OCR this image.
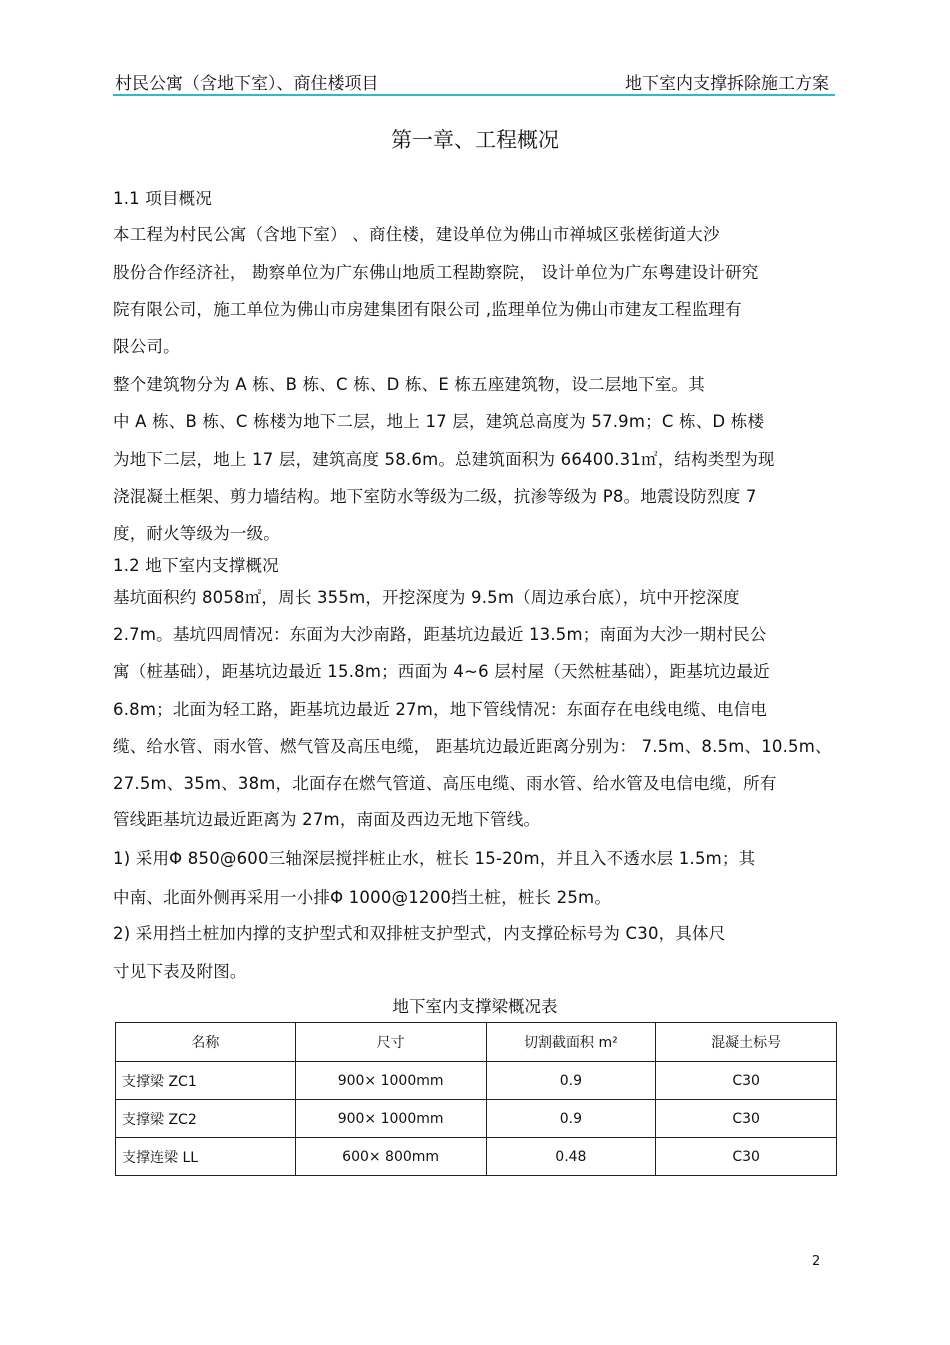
村民公寓（含地下室）、商住楼项目	地下室内支撑拆除施工方案
第一章、工程概况
1.1 项目概况
本工程为村民公寓（含地下室） 、商住楼，建设单位为佛山市禅城区张槎街道大沙
股份合作经济社， 勘察单位为广东佛山地质工程勘察院， 设计单位为广东粤建设计研究
院有限公司，施工单位为佛山市房建集团有限公司 ,监理单位为佛山市建友工程监理有
限公司。
整个建筑物分为 A 栋、B 栋、C 栋、D 栋、E 栋五座建筑物，设二层地下室。其
中 A 栋、B 栋、C 栋楼为地下二层，地上 17 层，建筑总高度为 57.9m；C 栋、D 栋楼
为地下二层，地上 17 层，建筑高度 58.6m。总建筑面积为 66400.31㎡，结构类型为现
浇混凝土框架、剪力墙结构。地下室防水等级为二级，抗渗等级为 P8。地震设防烈度 7
度，耐火等级为一级。
1.2 地下室内支撑概况
基坑面积约 8058㎡，周长 355m，开挖深度为 9.5m（周边承台底），坑中开挖深度
2.7m。基坑四周情况：东面为大沙南路，距基坑边最近 13.5m；南面为大沙一期村民公
寓（桩基础），距基坑边最近 15.8m；西面为 4~6 层村屋（天然桩基础），距基坑边最近
6.8m；北面为轻工路，距基坑边最近 27m，地下管线情况：东面存在电线电缆、电信电
缆、给水管、雨水管、燃气管及高压电缆， 距基坑边最近距离分别为： 7.5m、8.5m、10.5m、
27.5m、35m、38m，北面存在燃气管道、高压电缆、雨水管、给水管及电信电缆，所有
管线距基坑边最近距离为 27m，南面及西边无地下管线。
1) 采用Φ 850@600三轴深层搅拌桩止水，桩长 15-20m，并且入不透水层 1.5m；其
中南、北面外侧再采用一小排Φ 1000@1200挡土桩，桩长 25m。
2) 采用挡土桩加内撑的支护型式和双排桩支护型式，内支撑砼标号为 C30，具体尺
寸见下表及附图。
地下室内支撑梁概况表
名称	尺寸	切割截面积 m²	混凝土标号
支撑梁 ZC1	900× 1000mm	0.9	C30
支撑梁 ZC2	900× 1000mm	0.9	C30
支撑连梁 LL	600× 800mm	0.48	C30
2
